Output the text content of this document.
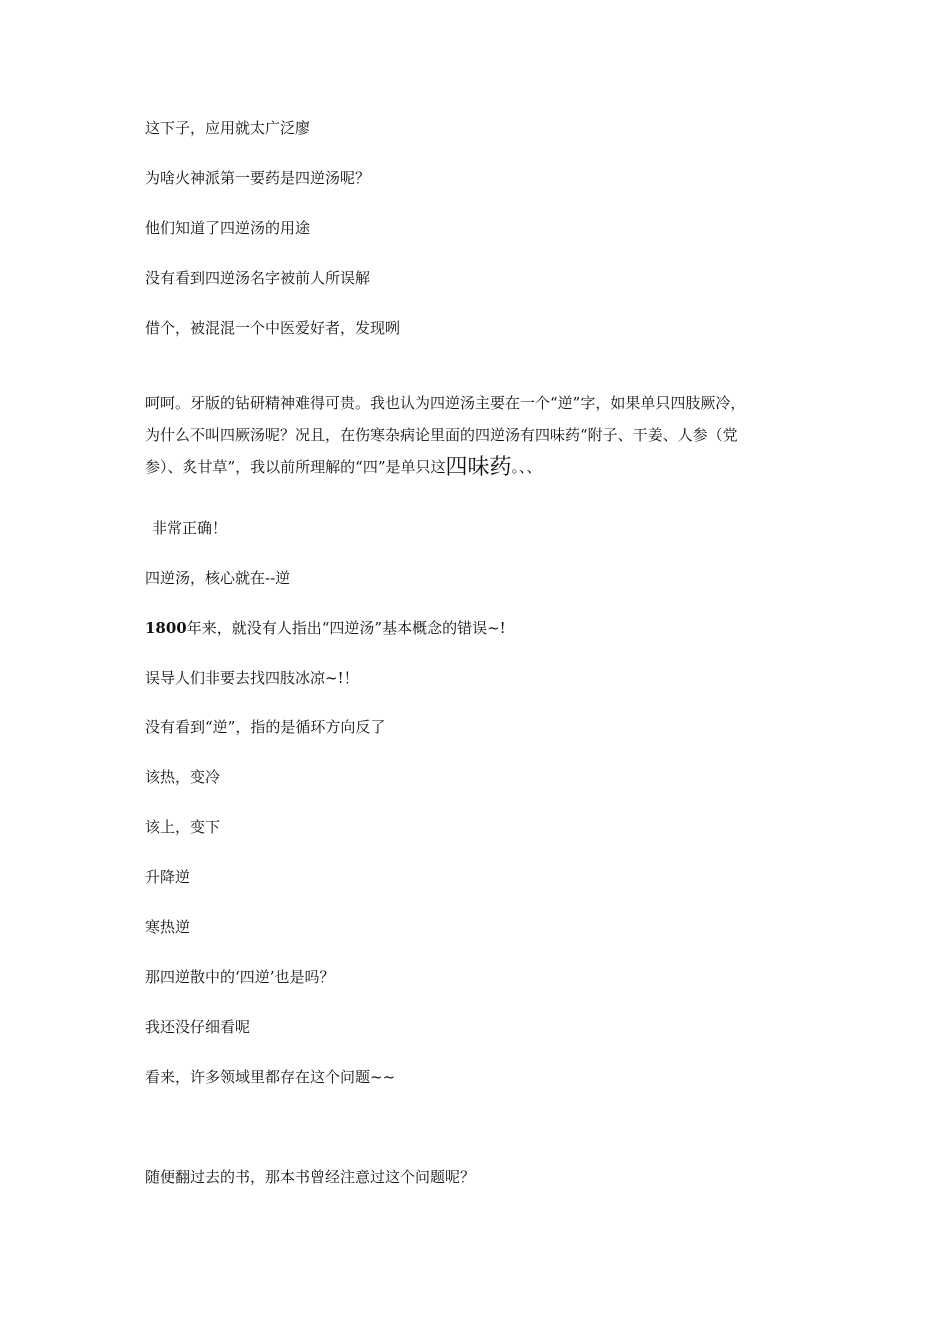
这下子，应用就太广泛廖
为啥火神派第一要药是四逆汤呢？
他们知道了四逆汤的用途
没有看到四逆汤名字被前人所误解
借个，被混混一个中医爱好者，发现咧
呵呵。牙版的钻研精神难得可贵。我也认为四逆汤主要在一个“逆”字，如果单只四肢厥冷，
为什么不叫四厥汤呢？况且，在伤寒杂病论里面的四逆汤有四味药“附子、干姜、人参（党
参）、炙甘草”，我以前所理解的“四”是单只这四味药。、、
非常正确！
四逆汤，核心就在--逆
1800年来，就没有人指出“四逆汤”基本概念的错误~!
误导人们非要去找四肢冰凉~!！
没有看到“逆”，指的是循环方向反了
该热，变冷
该上，变下
升降逆
寒热逆
那四逆散中的‘四逆’也是吗？
我还没仔细看呢
看来，许多领域里都存在这个问题~~
随便翻过去的书，那本书曾经注意过这个问题呢？
